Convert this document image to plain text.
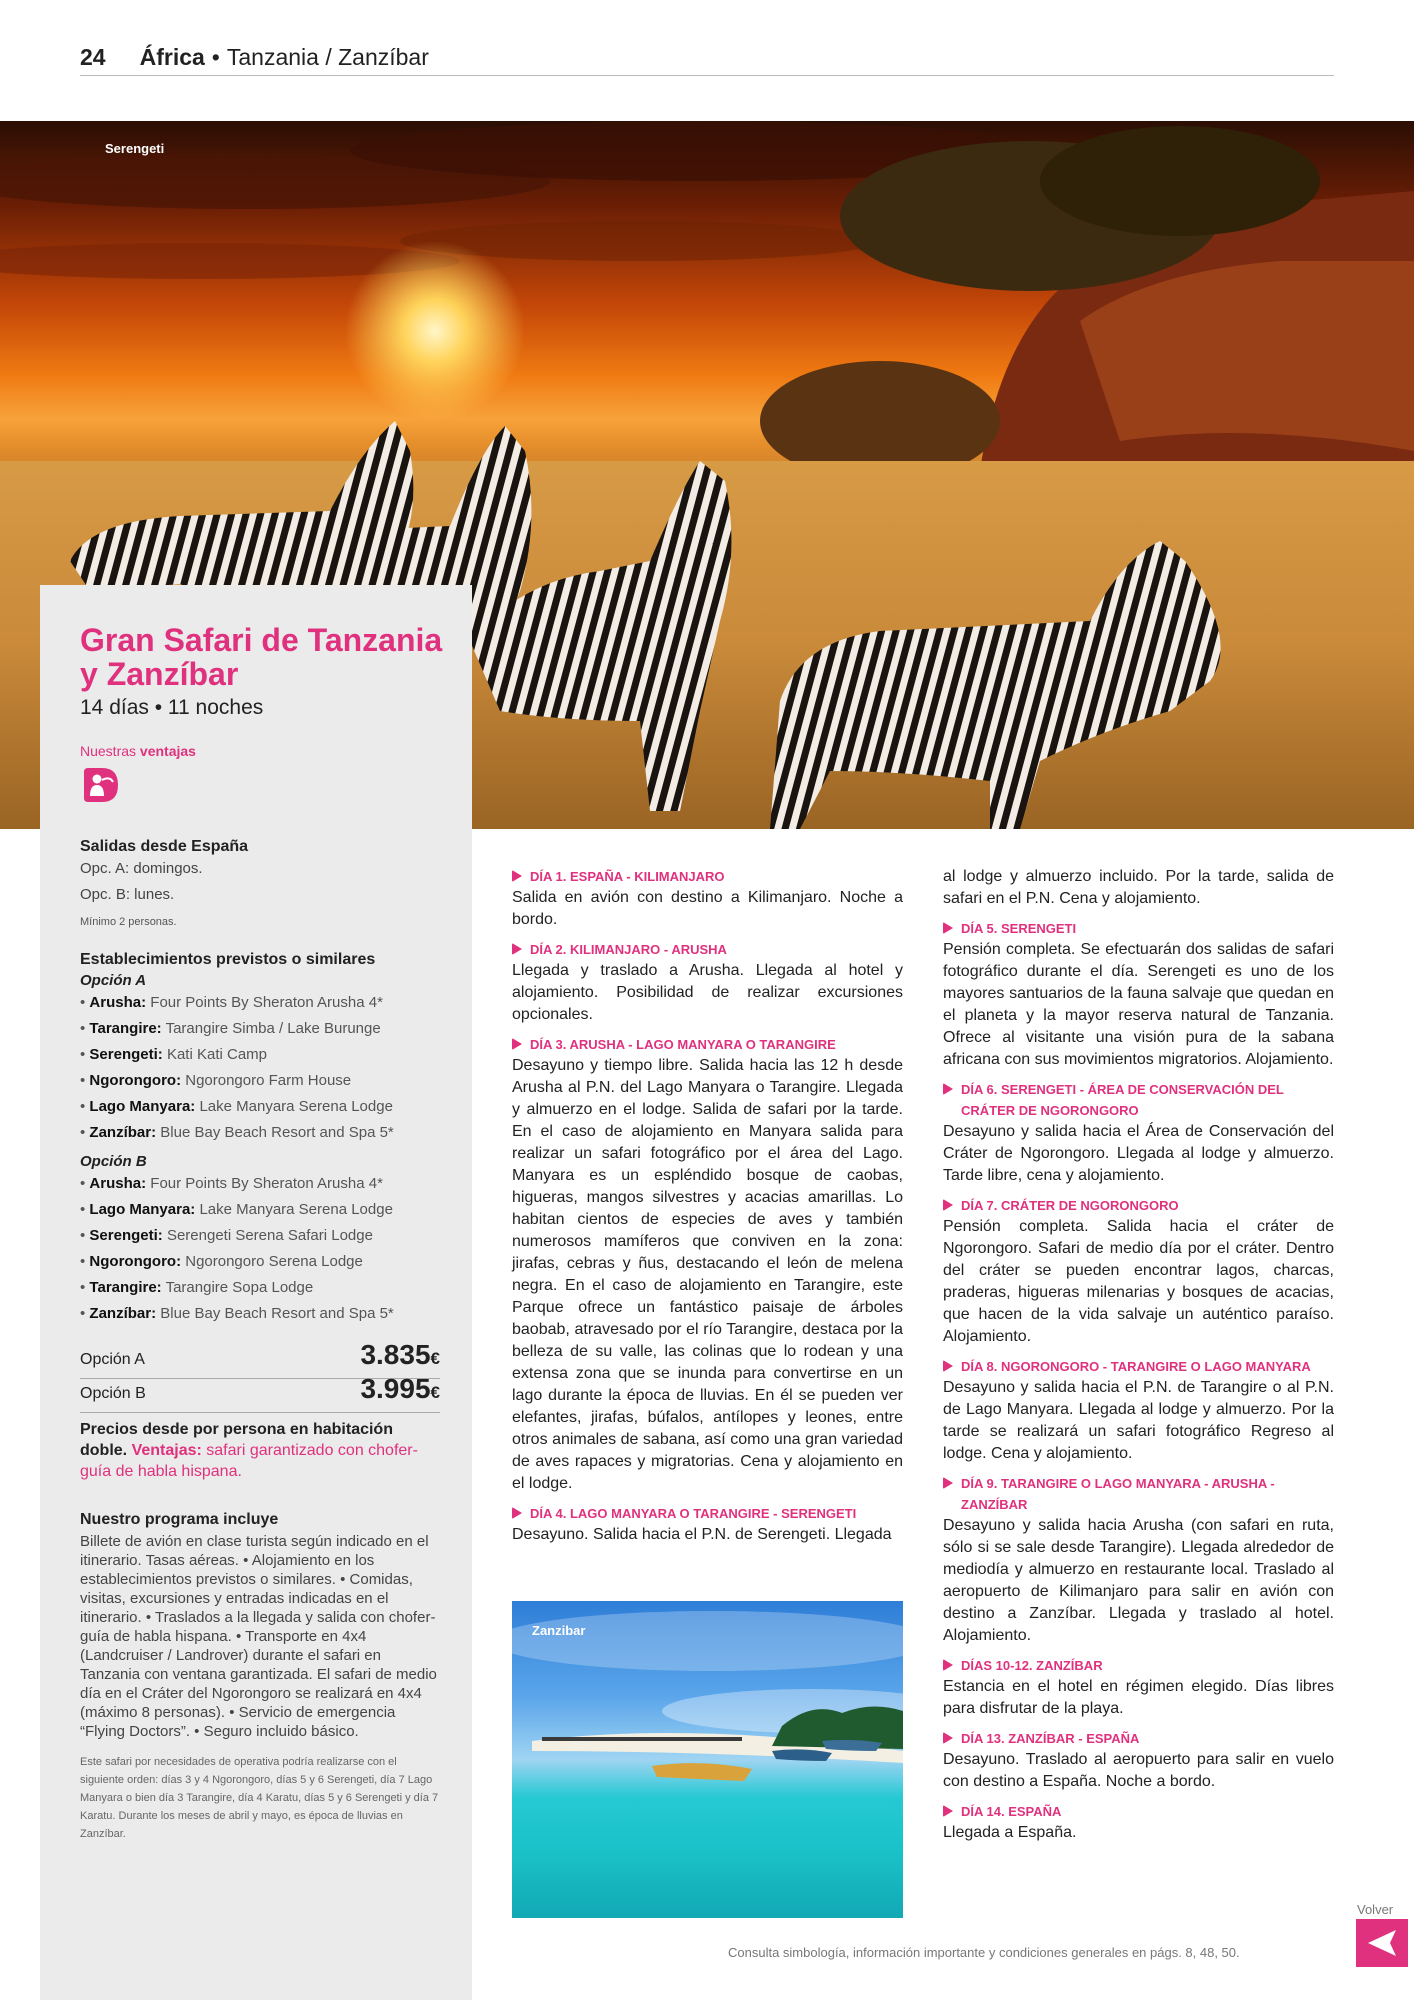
24 África • Tanzania / Zanzíbar
Serengeti
Gran Safari de Tanzania y Zanzíbar
14 días • 11 noches
Nuestras ventajas
Salidas desde España
Opc. A: domingos.
Opc. B: lunes.
Mínimo 2 personas.
Establecimientos previstos o similares
Opción A
• Arusha: Four Points By Sheraton Arusha 4*
• Tarangire: Tarangire Simba / Lake Burunge
• Serengeti: Kati Kati Camp
• Ngorongoro: Ngorongoro Farm House
• Lago Manyara: Lake Manyara Serena Lodge
• Zanzíbar: Blue Bay Beach Resort and Spa 5*
Opción B
• Arusha: Four Points By Sheraton Arusha 4*
• Lago Manyara: Lake Manyara Serena Lodge
• Serengeti: Serengeti Serena Safari Lodge
• Ngorongoro: Ngorongoro Serena Lodge
• Tarangire: Tarangire Sopa Lodge
• Zanzíbar: Blue Bay Beach Resort and Spa 5*
Opción A	3.835€
Opción B	3.995€
Precios desde por persona en habitación doble. Ventajas: safari garantizado con chofer-guía de habla hispana.
Nuestro programa incluye

Billete de avión en clase turista según indicado en el itinerario. Tasas aéreas. • Alojamiento en los establecimientos previstos o similares. • Comidas, visitas, excursiones y entradas indicadas en el itinerario. • Traslados a la llegada y salida con chofer-guía de habla hispana. • Transporte en 4x4 (Landcruiser / Landrover) durante el safari en Tanzania con ventana garantizada. El safari de medio día en el Cráter del Ngorongoro se realizará en 4x4 (máximo 8 personas). • Servicio de emergencia “Flying Doctors”. • Seguro incluido básico.

Este safari por necesidades de operativa podría realizarse con el siguiente orden: días 3 y 4 Ngorongoro, días 5 y 6 Serengeti, día 7 Lago Manyara o bien día 3 Tarangire, día 4 Karatu, días 5 y 6 Serengeti y día 7 Karatu. Durante los meses de abril y mayo, es época de lluvias en Zanzíbar.

DÍA 1. ESPAÑA - KILIMANJARO

Salida en avión con destino a Kilimanjaro. Noche a bordo.

DÍA 2. KILIMANJARO - ARUSHA

Llegada y traslado a Arusha. Llegada al hotel y alojamiento. Posibilidad de realizar excursiones opcionales.

DÍA 3. ARUSHA - LAGO MANYARA O TARANGIRE

Desayuno y tiempo libre. Salida hacia las 12 h desde Arusha al P.N. del Lago Manyara o Tarangire. Llegada y almuerzo en el lodge. Salida de safari por la tarde. En el caso de alojamiento en Manyara salida para realizar un safari fotográfico por el área del Lago. Manyara es un espléndido bosque de caobas, higueras, mangos silvestres y acacias amarillas. Lo habitan cientos de especies de aves y también numerosos mamíferos que conviven en la zona: jirafas, cebras y ñus, destacando el león de melena negra. En el caso de alojamiento en Tarangire, este Parque ofrece un fantástico paisaje de árboles baobab, atravesado por el río Tarangire, destaca por la belleza de su valle, las colinas que lo rodean y una extensa zona que se inunda para convertirse en un lago durante la época de lluvias. En él se pueden ver elefantes, jirafas, búfalos, antílopes y leones, entre otros animales de sabana, así como una gran variedad de aves rapaces y migratorias. Cena y alojamiento en el lodge.

DÍA 4. LAGO MANYARA O TARANGIRE - SERENGETI

Desayuno. Salida hacia el P.N. de Serengeti. Llegada

Zanzibar

al lodge y almuerzo incluido. Por la tarde, salida de safari en el P.N. Cena y alojamiento.

DÍA 5. SERENGETI

Pensión completa. Se efectuarán dos salidas de safari fotográfico durante el día. Serengeti es uno de los mayores santuarios de la fauna salvaje que quedan en el planeta y la mayor reserva natural de Tanzania. Ofrece al visitante una visión pura de la sabana africana con sus movimientos migratorios. Alojamiento.

DÍA 6. SERENGETI - ÁREA DE CONSERVACIÓN DEL CRÁTER DE NGORONGORO

Desayuno y salida hacia el Área de Conservación del Cráter de Ngorongoro. Llegada al lodge y almuerzo. Tarde libre, cena y alojamiento.

DÍA 7. CRÁTER DE NGORONGORO

Pensión completa. Salida hacia el cráter de Ngorongoro. Safari de medio día por el cráter. Dentro del cráter se pueden encontrar lagos, charcas, praderas, higueras milenarias y bosques de acacias, que hacen de la vida salvaje un auténtico paraíso. Alojamiento.

DÍA 8. NGORONGORO - TARANGIRE O LAGO MANYARA

Desayuno y salida hacia el P.N. de Tarangire o al P.N. de Lago Manyara. Llegada al lodge y almuerzo. Por la tarde se realizará un safari fotográfico Regreso al lodge. Cena y alojamiento.

DÍA 9. TARANGIRE O LAGO MANYARA - ARUSHA - ZANZÍBAR

Desayuno y salida hacia Arusha (con safari en ruta, sólo si se sale desde Tarangire). Llegada alrededor de mediodía y almuerzo en restaurante local. Traslado al aeropuerto de Kilimanjaro para salir en avión con destino a Zanzíbar. Llegada y traslado al hotel. Alojamiento.

DÍAS 10-12. ZANZÍBAR

Estancia en el hotel en régimen elegido. Días libres para disfrutar de la playa.

DÍA 13. ZANZÍBAR - ESPAÑA

Desayuno. Traslado al aeropuerto para salir en vuelo con destino a España. Noche a bordo.

DÍA 14. ESPAÑA

Llegada a España.

Consulta simbología, información importante y condiciones generales en págs. 8, 48, 50.
Volver
